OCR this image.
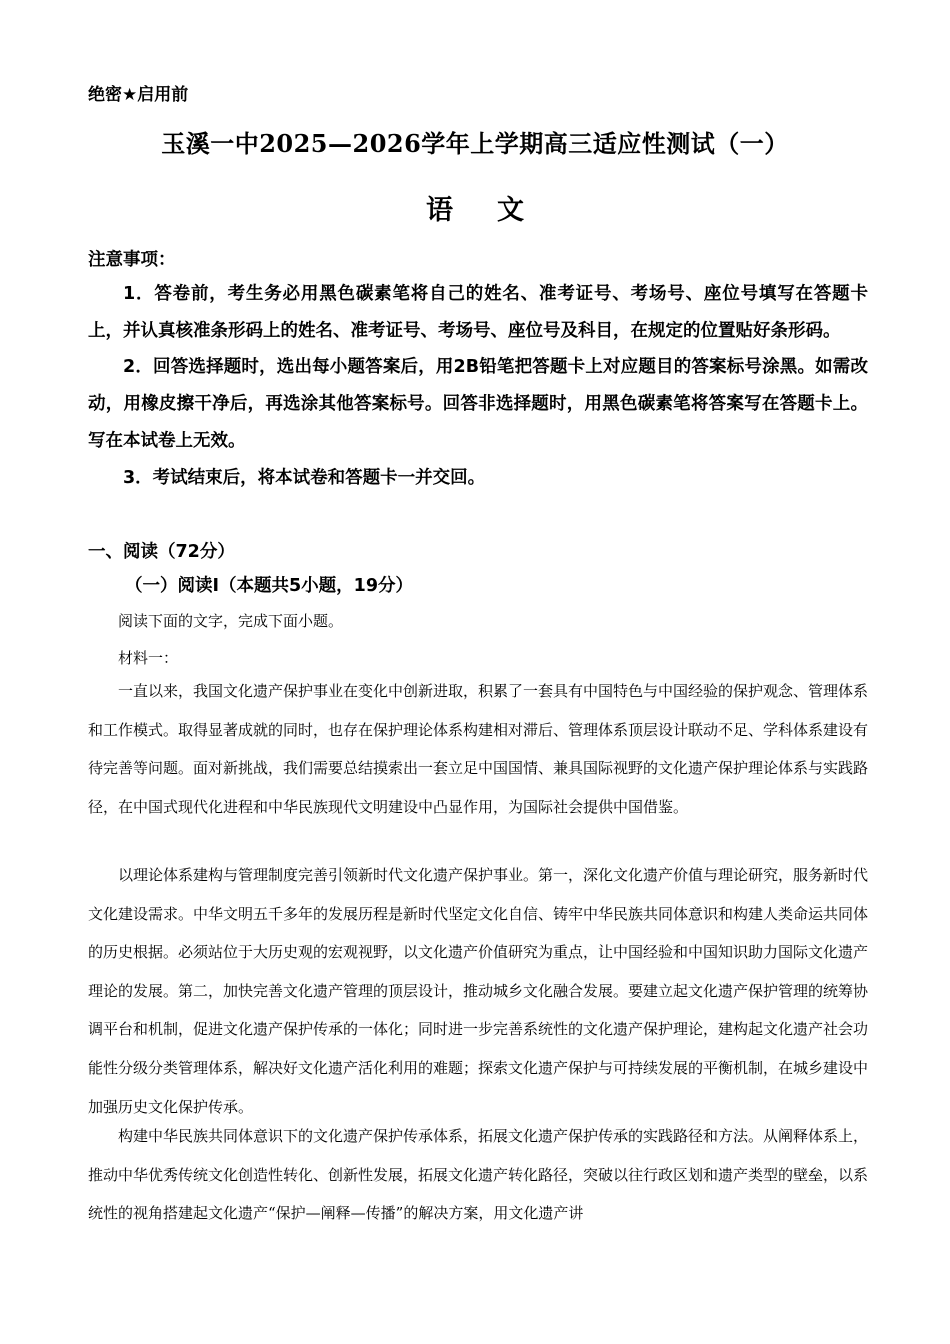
绝密★启用前
玉溪一中2025—2026学年上学期高三适应性测试（一）
语文
注意事项：

1．答卷前，考生务必用黑色碳素笔将自己的姓名、准考证号、考场号、座位号填写在答题卡上，并认真核准条形码上的姓名、准考证号、考场号、座位号及科目，在规定的位置贴好条形码。

2．回答选择题时，选出每小题答案后，用2B铅笔把答题卡上对应题目的答案标号涂黑。如需改动，用橡皮擦干净后，再选涂其他答案标号。回答非选择题时，用黑色碳素笔将答案写在答题卡上。写在本试卷上无效。

3．考试结束后，将本试卷和答题卡一并交回。

一、阅读（72分）
（一）阅读Ⅰ（本题共5小题，19分）
阅读下面的文字，完成下面小题。
材料一：

一直以来，我国文化遗产保护事业在变化中创新进取，积累了一套具有中国特色与中国经验的保护观念、管理体系和工作模式。取得显著成就的同时，也存在保护理论体系构建相对滞后、管理体系顶层设计联动不足、学科体系建设有待完善等问题。面对新挑战，我们需要总结摸索出一套立足中国国情、兼具国际视野的文化遗产保护理论体系与实践路径，在中国式现代化进程和中华民族现代文明建设中凸显作用，为国际社会提供中国借鉴。

以理论体系建构与管理制度完善引领新时代文化遗产保护事业。第一，深化文化遗产价值与理论研究，服务新时代文化建设需求。中华文明五千多年的发展历程是新时代坚定文化自信、铸牢中华民族共同体意识和构建人类命运共同体的历史根据。必须站位于大历史观的宏观视野，以文化遗产价值研究为重点，让中国经验和中国知识助力国际文化遗产理论的发展。第二，加快完善文化遗产管理的顶层设计，推动城乡文化融合发展。要建立起文化遗产保护管理的统筹协调平台和机制，促进文化遗产保护传承的一体化；同时进一步完善系统性的文化遗产保护理论，建构起文化遗产社会功能性分级分类管理体系，解决好文化遗产活化利用的难题；探索文化遗产保护与可持续发展的平衡机制，在城乡建设中加强历史文化保护传承。

构建中华民族共同体意识下的文化遗产保护传承体系，拓展文化遗产保护传承的实践路径和方法。从阐释体系上，推动中华优秀传统文化创造性转化、创新性发展，拓展文化遗产转化路径，突破以往行政区划和遗产类型的壁垒，以系统性的视角搭建起文化遗产“保护—阐释—传播”的解决方案，用文化遗产讲
